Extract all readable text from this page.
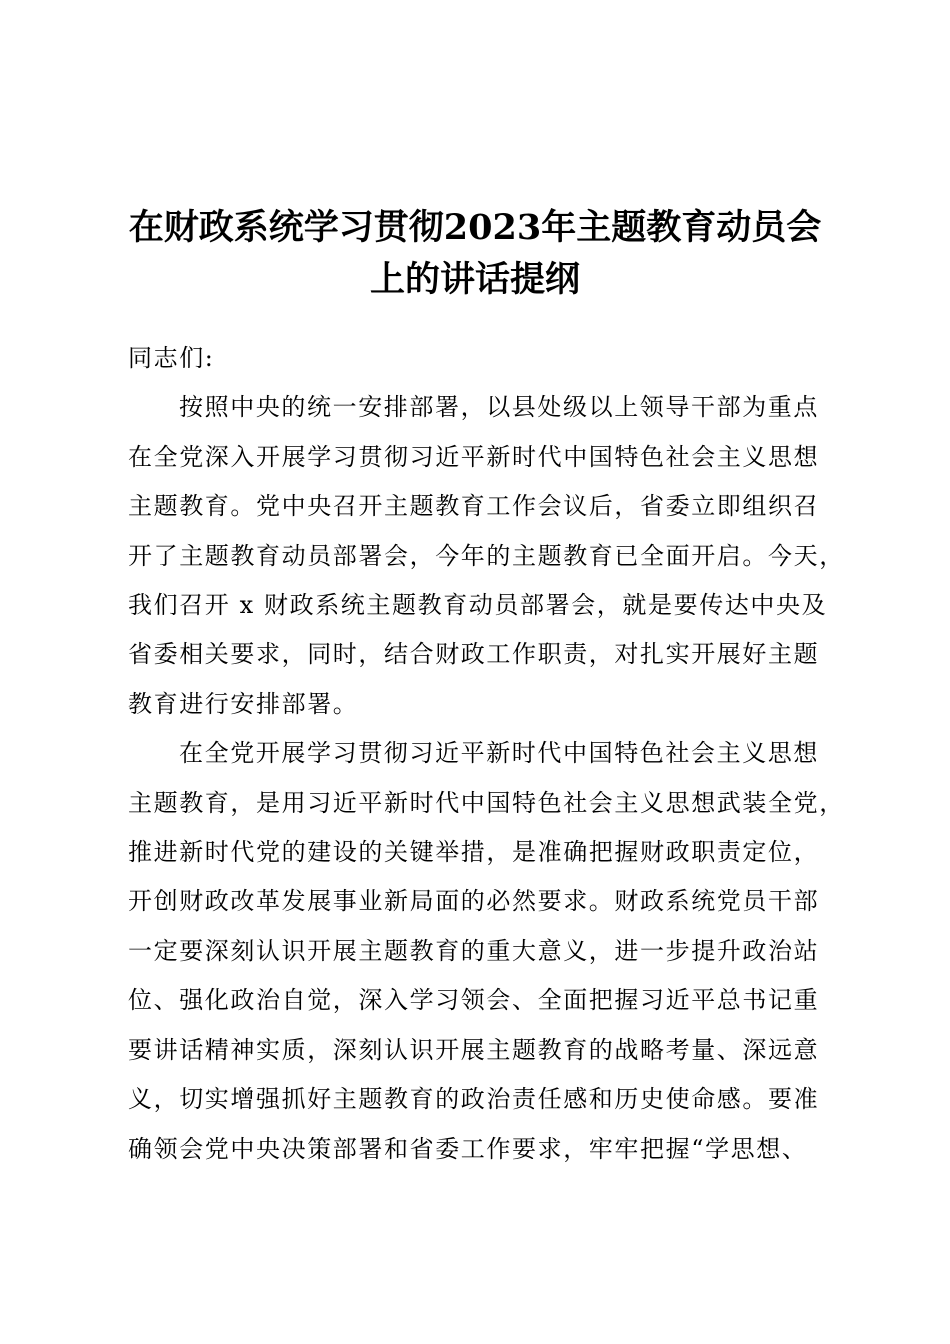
在财政系统学习贯彻2023年主题教育动员会
上的讲话提纲

同志们:

按照中央的统一安排部署，以县处级以上领导干部为重点
在全党深入开展学习贯彻习近平新时代中国特色社会主义思想
主题教育。党中央召开主题教育工作会议后，省委立即组织召
开了主题教育动员部署会，今年的主题教育已全面开启。今天，
我们召开 x 财政系统主题教育动员部署会，就是要传达中央及
省委相关要求，同时，结合财政工作职责，对扎实开展好主题
教育进行安排部署。

在全党开展学习贯彻习近平新时代中国特色社会主义思想
主题教育，是用习近平新时代中国特色社会主义思想武装全党，
推进新时代党的建设的关键举措，是准确把握财政职责定位，
开创财政改革发展事业新局面的必然要求。财政系统党员干部
一定要深刻认识开展主题教育的重大意义，进一步提升政治站
位、强化政治自觉，深入学习领会、全面把握习近平总书记重
要讲话精神实质，深刻认识开展主题教育的战略考量、深远意
义，切实增强抓好主题教育的政治责任感和历史使命感。要准
确领会党中央决策部署和省委工作要求，牢牢把握“学思想、
